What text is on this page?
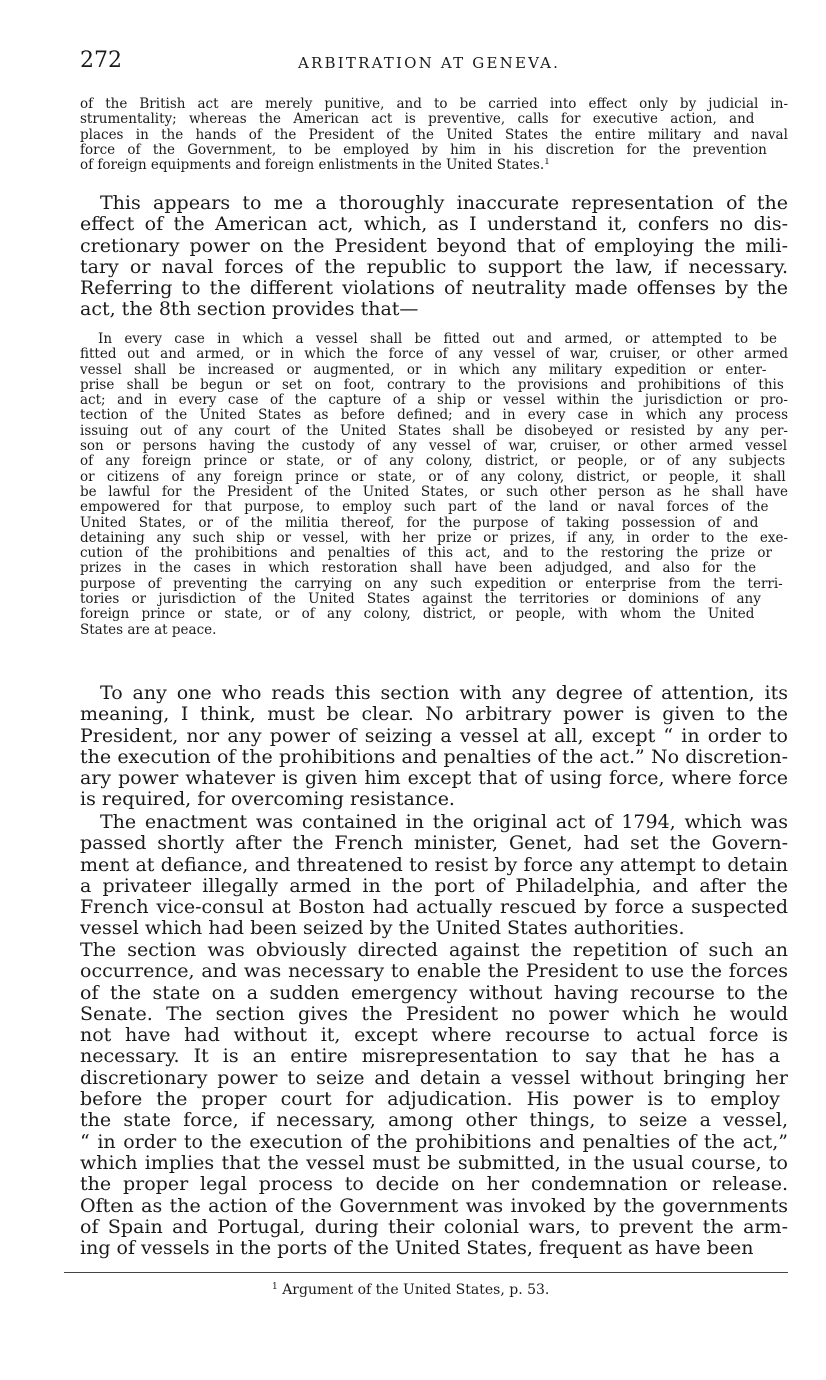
272	ARBITRATION AT GENEVA.
of the British act are merely punitive, and to be carried into effect only by judicial in-
strumentality; whereas the American act is preventive, calls for executive action, and
places in the hands of the President of the United States the entire military and naval
force of the Government, to be employed by him in his discretion for the prevention
of foreign equipments and foreign enlistments in the United States.$^1$
This appears to me a thoroughly inaccurate representation of the
effect of the American act, which, as I understand it, confers no dis-
cretionary power on the President beyond that of employing the mili-
tary or naval forces of the republic to support the law, if necessary.
Referring to the different violations of neutrality made offenses by the
act, the 8th section provides that—
In every case in which a vessel shall be fitted out and armed, or attempted to be
fitted out and armed, or in which the force of any vessel of war, cruiser, or other armed
vessel shall be increased or augmented, or in which any military expedition or enter-
prise shall be begun or set on foot, contrary to the provisions and prohibitions of this
act; and in every case of the capture of a ship or vessel within the jurisdiction or pro-
tection of the United States as before defined; and in every case in which any process
issuing out of any court of the United States shall be disobeyed or resisted by any per-
son or persons having the custody of any vessel of war, cruiser, or other armed vessel
of any foreign prince or state, or of any colony, district, or people, or of any subjects
or citizens of any foreign prince or state, or of any colony, district, or people, it shall
be lawful for the President of the United States, or such other person as he shall have
empowered for that purpose, to employ such part of the land or naval forces of the
United States, or of the militia thereof, for the purpose of taking possession of and
detaining any such ship or vessel, with her prize or prizes, if any, in order to the exe-
cution of the prohibitions and penalties of this act, and to the restoring the prize or
prizes in the cases in which restoration shall have been adjudged, and also for the
purpose of preventing the carrying on any such expedition or enterprise from the terri-
tories or jurisdiction of the United States against the territories or dominions of any
foreign prince or state, or of any colony, district, or people, with whom the United
States are at peace.
To any one who reads this section with any degree of attention, its
meaning, I think, must be clear. No arbitrary power is given to the
President, nor any power of seizing a vessel at all, except “ in order to
the execution of the prohibitions and penalties of the act.” No discretion-
ary power whatever is given him except that of using force, where force
is required, for overcoming resistance.
The enactment was contained in the original act of 1794, which was
passed shortly after the French minister, Genet, had set the Govern-
ment at defiance, and threatened to resist by force any attempt to detain
a privateer illegally armed in the port of Philadelphia, and after the
French vice-consul at Boston had actually rescued by force a suspected
vessel which had been seized by the United States authorities.
The section was obviously directed against the repetition of such an
occurrence, and was necessary to enable the President to use the forces
of the state on a sudden emergency without having recourse to the
Senate. The section gives the President no power which he would
not have had without it, except where recourse to actual force is
necessary. It is an entire misrepresentation to say that he has a
discretionary power to seize and detain a vessel without bringing her
before the proper court for adjudication. His power is to employ
the state force, if necessary, among other things, to seize a vessel,
“ in order to the execution of the prohibitions and penalties of the act,”
which implies that the vessel must be submitted, in the usual course, to
the proper legal process to decide on her condemnation or release.
Often as the action of the Government was invoked by the governments
of Spain and Portugal, during their colonial wars, to prevent the arm-
ing of vessels in the ports of the United States, frequent as have been
$^1$ Argument of the United States, p. 53.
